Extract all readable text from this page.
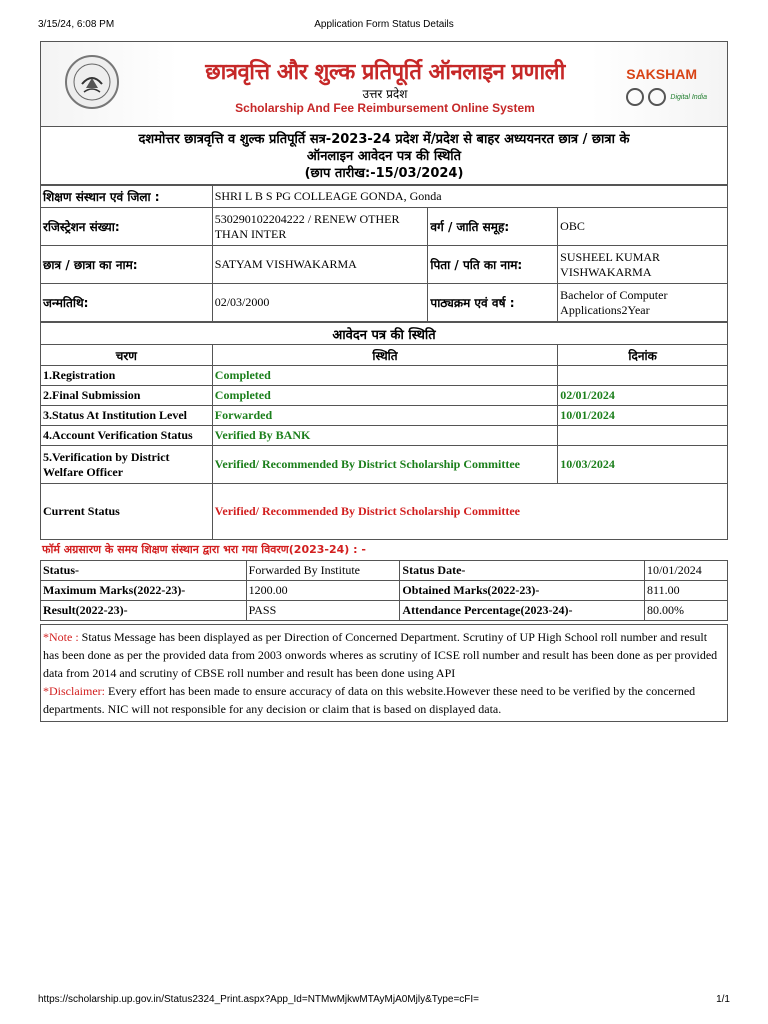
3/15/24, 6:08 PM	Application Form Status Details
छात्रवृत्ति और शुल्क प्रतिपूर्ति ऑनलाइन प्रणाली
उत्तर प्रदेश
Scholarship And Fee Reimbursement Online System
SAKSHAM
Digital India
दशमोत्तर छात्रवृत्ति व शुल्क प्रतिपूर्ति सत्र-2023-24 प्रदेश में/प्रदेश से बाहर अध्ययनरत छात्र / छात्रा के
ऑनलाइन आवेदन पत्र की स्थिति
(छाप तारीख:-15/03/2024)
शिक्षण संस्थान एवं जिला :	SHRI L B S PG COLLEAGE GONDA, Gonda		
रजिस्ट्रेशन संख्या:	530290102204222 / RENEW OTHER THAN INTER	वर्ग / जाति समूह:	OBC
छात्र / छात्रा का नाम:	SATYAM VISHWAKARMA	पिता / पति का नाम:	SUSHEEL KUMAR VISHWAKARMA
जन्मतिथि:	02/03/2000	पाठ्यक्रम एवं वर्ष :	Bachelor of Computer Applications2Year
आवेदन पत्र की स्थिति		
चरण	स्थिति	दिनांक
1.Registration	Completed	
2.Final Submission	Completed	02/01/2024
3.Status At Institution Level	Forwarded	10/01/2024
4.Account Verification Status	Verified By BANK	
5.Verification by District Welfare Officer	Verified/ Recommended By District Scholarship Committee	10/03/2024
Current Status	Verified/ Recommended By District Scholarship Committee	
फॉर्म अग्रसारण के समय शिक्षण संस्थान द्वारा भरा गया विवरण(2023-24) : -
Status-	Forwarded By Institute	Status Date-	10/01/2024
Maximum Marks(2022-23)-	1200.00	Obtained Marks(2022-23)-	811.00
Result(2022-23)-	PASS	Attendance Percentage(2023-24)-	80.00%
*Note : Status Message has been displayed as per Direction of Concerned Department. Scrutiny of UP High School roll number and result has been done as per the provided data from 2003 onwords wheres as scrutiny of ICSE roll number and result has been done as per provided data from 2014 and scrutiny of CBSE roll number and result has been done using API
*Disclaimer: Every effort has been made to ensure accuracy of data on this website.However these need to be verified by the concerned departments. NIC will not responsible for any decision or claim that is based on displayed data.
https://scholarship.up.gov.in/Status2324_Print.aspx?App_Id=NTMwMjkwMTAyMjA0Mjly&Type=cFI=	1/1
